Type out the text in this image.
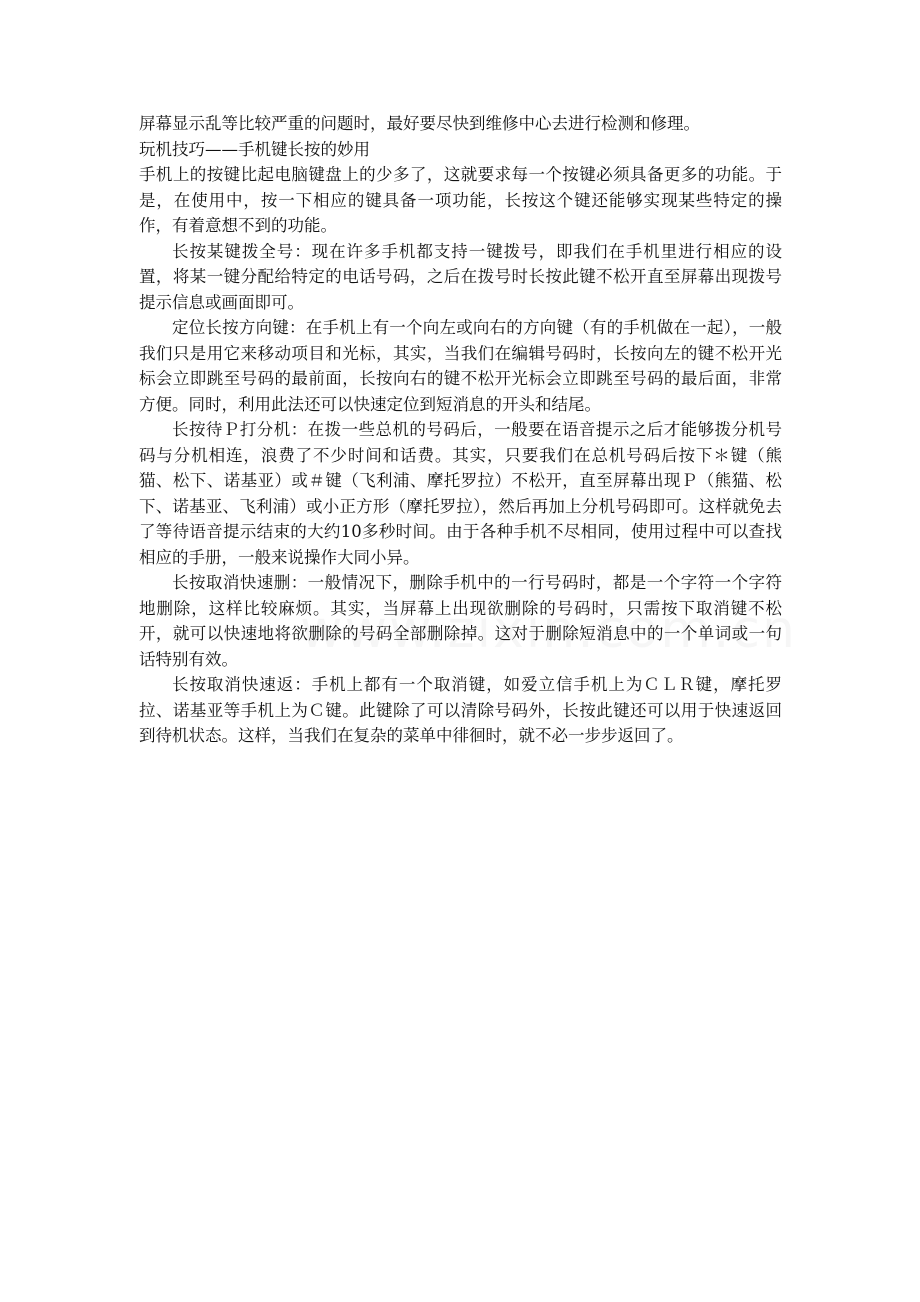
屏幕显示乱等比较严重的问题时，最好要尽快到维修中心去进行检测和修理。

玩机技巧——手机键长按的妙用

手机上的按键比起电脑键盘上的少多了，这就要求每一个按键必须具备更多的功能。于是，在使用中，按一下相应的键具备一项功能，长按这个键还能够实现某些特定的操作，有着意想不到的功能。

长按某键拨全号：现在许多手机都支持一键拨号，即我们在手机里进行相应的设置，将某一键分配给特定的电话号码，之后在拨号时长按此键不松开直至屏幕出现拨号提示信息或画面即可。

定位长按方向键：在手机上有一个向左或向右的方向键（有的手机做在一起），一般我们只是用它来移动项目和光标，其实，当我们在编辑号码时，长按向左的键不松开光标会立即跳至号码的最前面，长按向右的键不松开光标会立即跳至号码的最后面，非常方便。同时，利用此法还可以快速定位到短消息的开头和结尾。

长按待Ｐ打分机：在拨一些总机的号码后，一般要在语音提示之后才能够拨分机号码与分机相连，浪费了不少时间和话费。其实，只要我们在总机号码后按下＊键（熊猫、松下、诺基亚）或＃键（飞利浦、摩托罗拉）不松开，直至屏幕出现Ｐ（熊猫、松下、诺基亚、飞利浦）或小正方形（摩托罗拉），然后再加上分机号码即可。这样就免去了等待语音提示结束的大约10多秒时间。由于各种手机不尽相同，使用过程中可以查找相应的手册，一般来说操作大同小异。

长按取消快速删：一般情况下，删除手机中的一行号码时，都是一个字符一个字符地删除，这样比较麻烦。其实，当屏幕上出现欲删除的号码时，只需按下取消键不松开，就可以快速地将欲删除的号码全部删除掉。这对于删除短消息中的一个单词或一句话特别有效。

长按取消快速返：手机上都有一个取消键，如爱立信手机上为ＣＬＲ键，摩托罗拉、诺基亚等手机上为Ｃ键。此键除了可以清除号码外，长按此键还可以用于快速返回到待机状态。这样，当我们在复杂的菜单中徘徊时，就不必一步步返回了。
